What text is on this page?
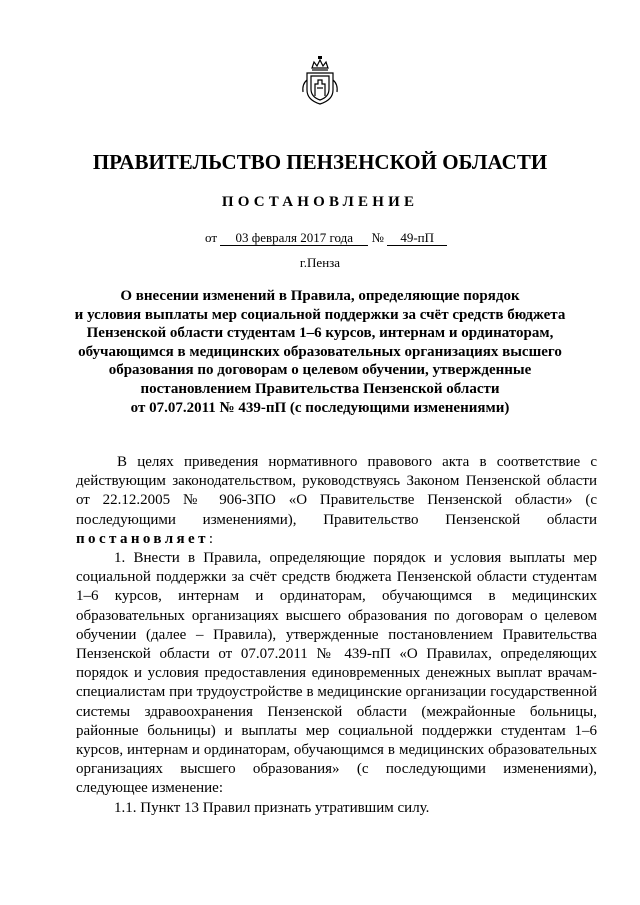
ПРАВИТЕЛЬСТВО ПЕНЗЕНСКОЙ ОБЛАСТИ
ПОСТАНОВЛЕНИЕ
от 03 февраля 2017 года № 49-пП
г.Пенза
О внесении изменений в Правила, определяющие порядок
и условия выплаты мер социальной поддержки за счёт средств бюджета
Пензенской области студентам 1–6 курсов, интернам и ординаторам,
обучающимся в медицинских образовательных организациях высшего
образования по договорам о целевом обучении, утвержденные
постановлением Правительства Пензенской области
от 07.07.2011 № 439-пП (с последующими изменениями)

В целях приведения нормативного правового акта в соответствие с действующим законодательством, руководствуясь Законом Пензенской области от 22.12.2005 № 906-ЗПО «О Правительстве Пензенской области» (с последующими изменениями), Правительство Пензенской области постановляет:

1. Внести в Правила, определяющие порядок и условия выплаты мер социальной поддержки за счёт средств бюджета Пензенской области студентам 1–6 курсов, интернам и ординаторам, обучающимся в медицинских образовательных организациях высшего образования по договорам о целевом обучении (далее – Правила), утвержденные постановлением Правительства Пензенской области от 07.07.2011 № 439-пП «О Правилах, определяющих порядок и условия предоставления единовременных денежных выплат врачам-специалистам при трудоустройстве в медицинские организации государственной системы здравоохранения Пензенской области (межрайонные больницы, районные больницы) и выплаты мер социальной поддержки студентам 1–6 курсов, интернам и ординаторам, обучающимся в медицинских образовательных организациях высшего образования» (с последующими изменениями), следующее изменение:

1.1. Пункт 13 Правил признать утратившим силу.
